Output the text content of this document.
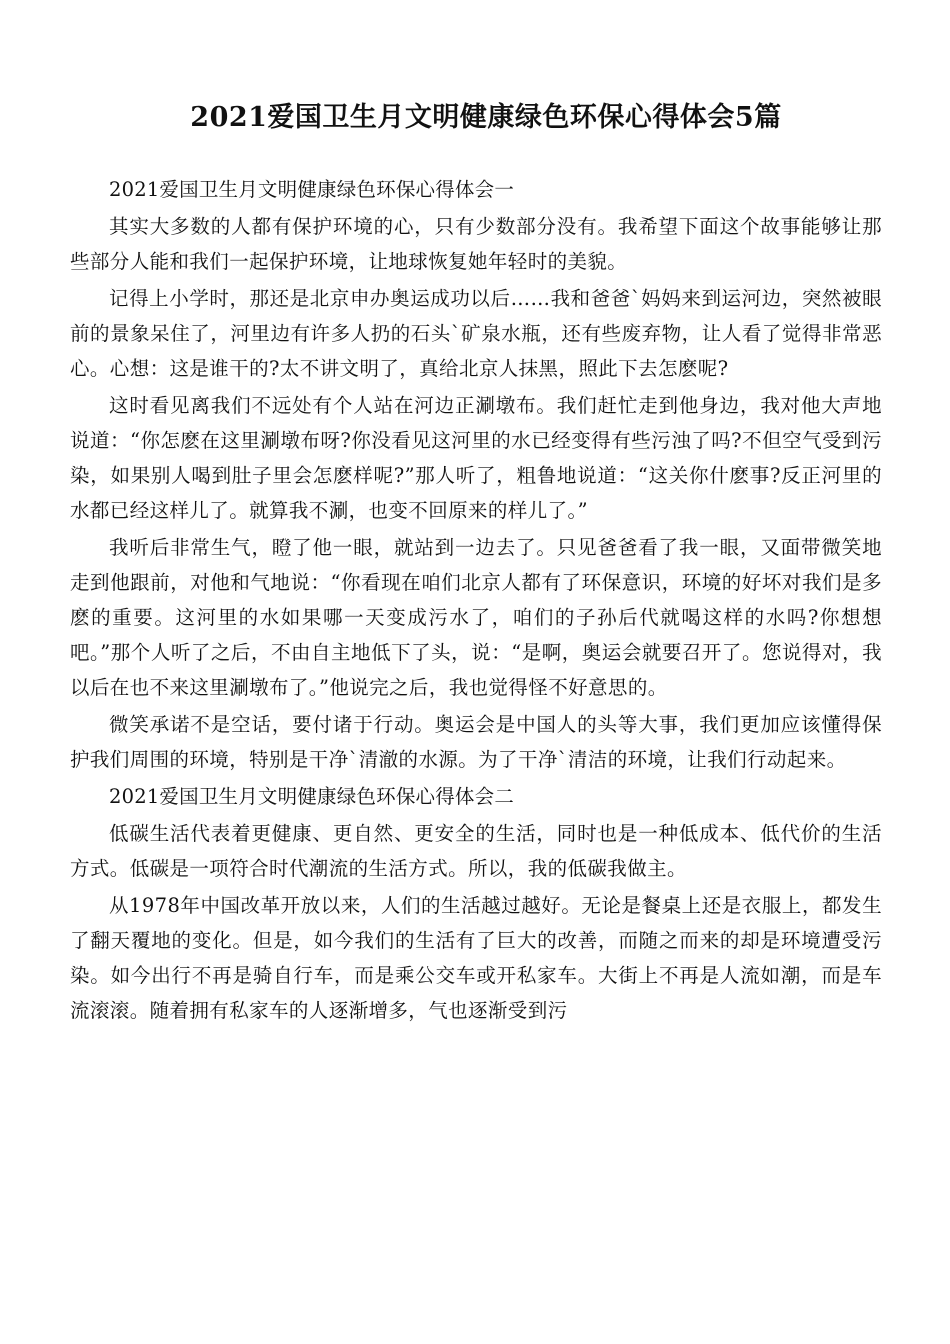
2021爱国卫生月文明健康绿色环保心得体会5篇
2021爱国卫生月文明健康绿色环保心得体会一
其实大多数的人都有保护环境的心，只有少数部分没有。我希望下面这个故事能够让那些部分人能和我们一起保护环境，让地球恢复她年轻时的美貌。
记得上小学时，那还是北京申办奥运成功以后……我和爸爸`妈妈来到运河边，突然被眼前的景象呆住了，河里边有许多人扔的石头`矿泉水瓶，还有些废弃物，让人看了觉得非常恶心。心想：这是谁干的?太不讲文明了，真给北京人抹黑，照此下去怎麽呢?
这时看见离我们不远处有个人站在河边正涮墩布。我们赶忙走到他身边，我对他大声地说道：“你怎麽在这里涮墩布呀?你没看见这河里的水已经变得有些污浊了吗?不但空气受到污染，如果别人喝到肚子里会怎麽样呢?”那人听了，粗鲁地说道：“这关你什麽事?反正河里的水都已经这样儿了。就算我不涮，也变不回原来的样儿了。”
我听后非常生气，瞪了他一眼，就站到一边去了。只见爸爸看了我一眼，又面带微笑地走到他跟前，对他和气地说：“你看现在咱们北京人都有了环保意识，环境的好坏对我们是多麽的重要。这河里的水如果哪一天变成污水了，咱们的子孙后代就喝这样的水吗?你想想吧。”那个人听了之后，不由自主地低下了头，说：“是啊，奥运会就要召开了。您说得对，我以后在也不来这里涮墩布了。”他说完之后，我也觉得怪不好意思的。
微笑承诺不是空话，要付诸于行动。奥运会是中国人的头等大事，我们更加应该懂得保护我们周围的环境，特别是干净`清澈的水源。为了干净`清洁的环境，让我们行动起来。
2021爱国卫生月文明健康绿色环保心得体会二
低碳生活代表着更健康、更自然、更安全的生活，同时也是一种低成本、低代价的生活方式。低碳是一项符合时代潮流的生活方式。所以，我的低碳我做主。
从1978年中国改革开放以来，人们的生活越过越好。无论是餐桌上还是衣服上，都发生了翻天覆地的变化。但是，如今我们的生活有了巨大的改善，而随之而来的却是环境遭受污染。如今出行不再是骑自行车，而是乘公交车或开私家车。大街上不再是人流如潮，而是车流滚滚。随着拥有私家车的人逐渐增多，气也逐渐受到污
